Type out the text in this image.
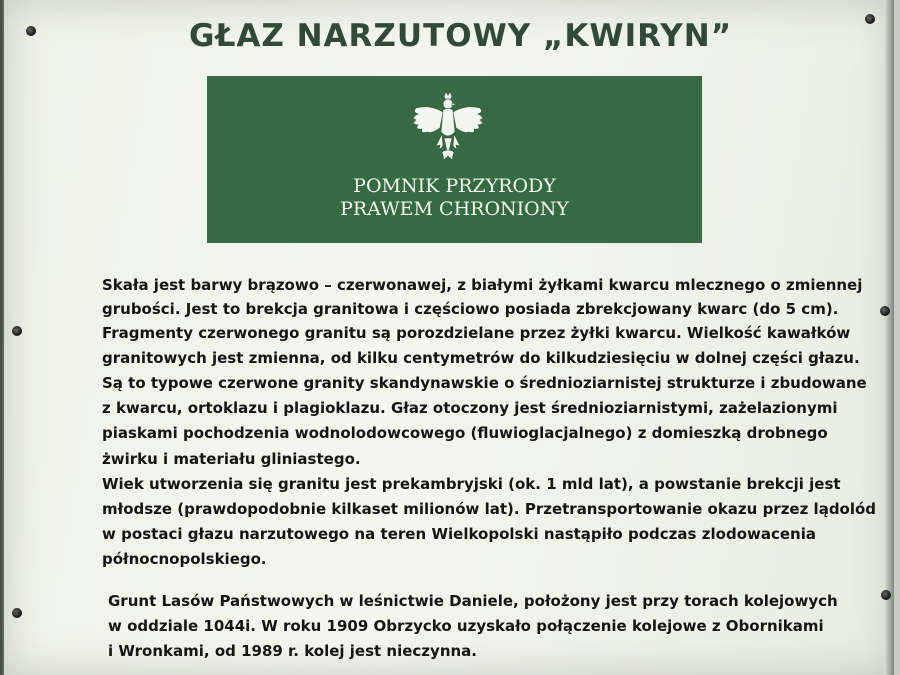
GŁAZ NARZUTOWY „KWIRYN”
POMNIK PRZYRODY
PRAWEM CHRONIONY
Skała jest barwy brązowo – czerwonawej, z białymi żyłkami kwarcu mlecznego o zmiennej
grubości. Jest to brekcja granitowa i częściowo posiada zbrekcjowany kwarc (do 5 cm).
Fragmenty czerwonego granitu są porozdzielane przez żyłki kwarcu. Wielkość kawałków
granitowych jest zmienna, od kilku centymetrów do kilkudziesięciu w dolnej części głazu.
Są to typowe czerwone granity skandynawskie o średnioziarnistej strukturze i zbudowane
z kwarcu, ortoklazu i plagioklazu. Głaz otoczony jest średnioziarnistymi, zażelazionymi
piaskami pochodzenia wodnolodowcowego (fluwioglacjalnego) z domieszką drobnego
żwirku i materiału gliniastego.
Wiek utworzenia się granitu jest prekambryjski (ok. 1 mld lat), a powstanie brekcji jest
młodsze (prawdopodobnie kilkaset milionów lat). Przetransportowanie okazu przez lądolód
w postaci głazu narzutowego na teren Wielkopolski nastąpiło podczas zlodowacenia
północnopolskiego.
Grunt Lasów Państwowych w leśnictwie Daniele, położony jest przy torach kolejowych
w oddziale 1044i. W roku 1909 Obrzycko uzyskało połączenie kolejowe z Obornikami
i Wronkami, od 1989 r. kolej jest nieczynna.
